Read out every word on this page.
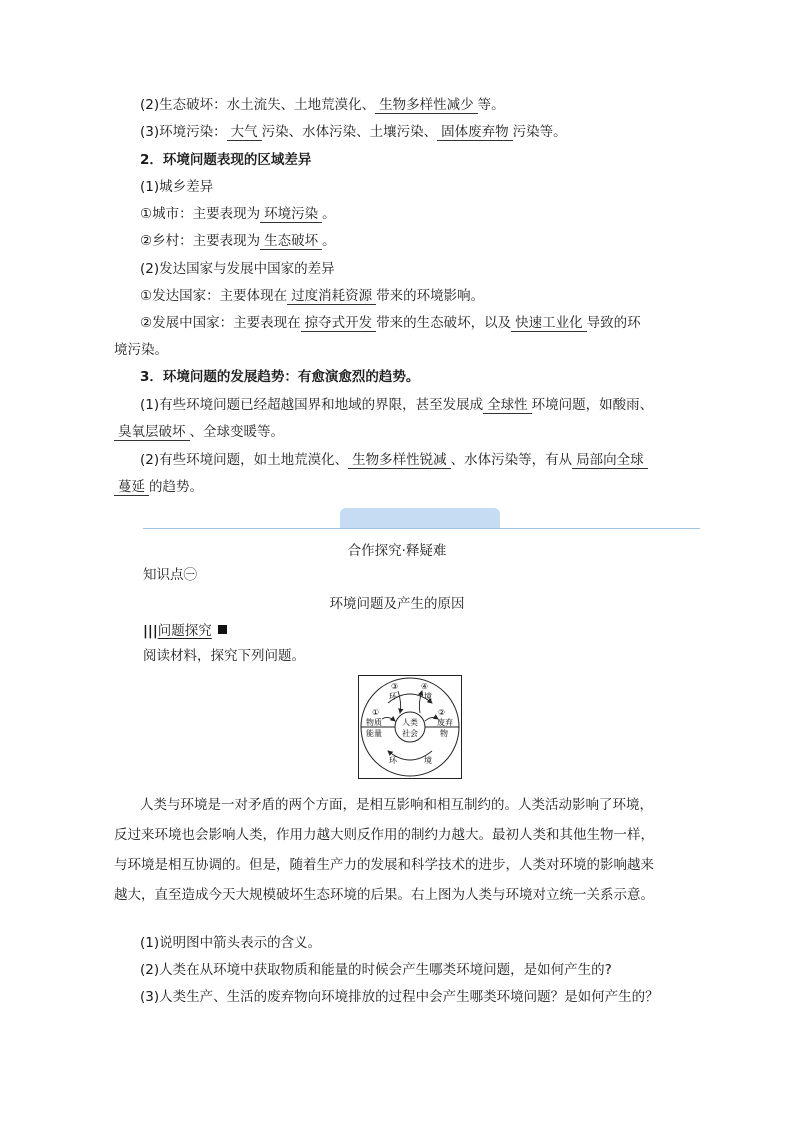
(2)生态破坏：水土流失、土地荒漠化、 生物多样性减少 等。
(3)环境污染： 大气 污染、水体污染、土壤污染、 固体废弃物 污染等。
2．环境问题表现的区域差异
(1)城乡差异
①城市：主要表现为 环境污染 。
②乡村：主要表现为 生态破坏 。
(2)发达国家与发展中国家的差异
①发达国家：主要体现在 过度消耗资源 带来的环境影响。
②发展中国家：主要表现在 掠夺式开发 带来的生态破坏，以及 快速工业化 导致的环
境污染。
3．环境问题的发展趋势：有愈演愈烈的趋势。
(1)有些环境问题已经超越国界和地域的界限，甚至发展成 全球性 环境问题，如酸雨、
臭氧层破坏 、全球变暖等。
(2)有些环境问题，如土地荒漠化、 生物多样性锐减 、水体污染等，有从 局部向全球
蔓延 的趋势。
合作探究·释疑难
知识点㊀
环境问题及产生的原因
|||问题探究
阅读材料，探究下列问题。
③	④
环	境
①	②
物质
能量
人类
社会
废弃
物
环	境
人类与环境是一对矛盾的两个方面，是相互影响和相互制约的。人类活动影响了环境，
反过来环境也会影响人类，作用力越大则反作用的制约力越大。最初人类和其他生物一样，
与环境是相互协调的。但是，随着生产力的发展和科学技术的进步，人类对环境的影响越来
越大，直至造成今天大规模破坏生态环境的后果。右上图为人类与环境对立统一关系示意。
(1)说明图中箭头表示的含义。
(2)人类在从环境中获取物质和能量的时候会产生哪类环境问题，是如何产生的?
(3)人类生产、生活的废弃物向环境排放的过程中会产生哪类环境问题？是如何产生的？
